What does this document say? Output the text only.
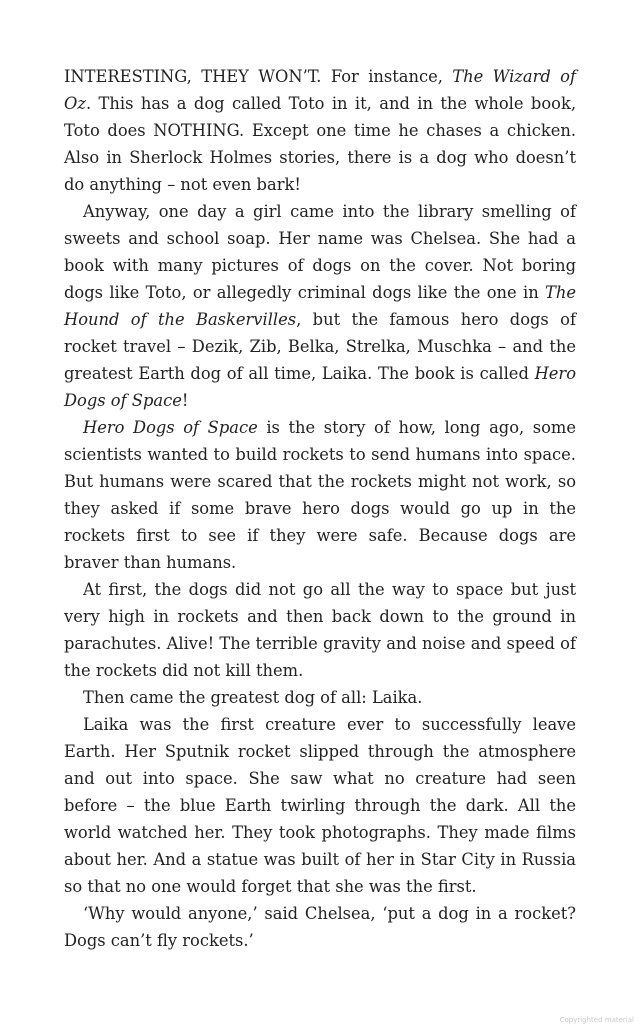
INTERESTING, THEY WON’T. For instance, The Wizard of Oz. This has a dog called Toto in it, and in the whole book, Toto does NOTHING. Except one time he chases a chicken. Also in Sherlock Holmes stories, there is a dog who doesn’t do anything – not even bark!

Anyway, one day a girl came into the library smelling of sweets and school soap. Her name was Chelsea. She had a book with many pictures of dogs on the cover. Not boring dogs like Toto, or allegedly criminal dogs like the one in The Hound of the Baskervilles, but the famous hero dogs of rocket travel – Dezik, Zib, Belka, Strelka, Muschka – and the greatest Earth dog of all time, Laika. The book is called Hero Dogs of Space!

Hero Dogs of Space is the story of how, long ago, some scientists wanted to build rockets to send humans into space. But humans were scared that the rockets might not work, so they asked if some brave hero dogs would go up in the rockets first to see if they were safe. Because dogs are braver than humans.

At first, the dogs did not go all the way to space but just very high in rockets and then back down to the ground in parachutes. Alive! The terrible gravity and noise and speed of the rockets did not kill them.

Then came the greatest dog of all: Laika.

Laika was the first creature ever to successfully leave Earth. Her Sputnik rocket slipped through the atmosphere and out into space. She saw what no creature had seen before – the blue Earth twirling through the dark. All the world watched her. They took photographs. They made films about her. And a statue was built of her in Star City in Russia so that no one would forget that she was the first.

‘Why would anyone,’ said Chelsea, ‘put a dog in a rocket? Dogs can’t fly rockets.’

Copyrighted material
